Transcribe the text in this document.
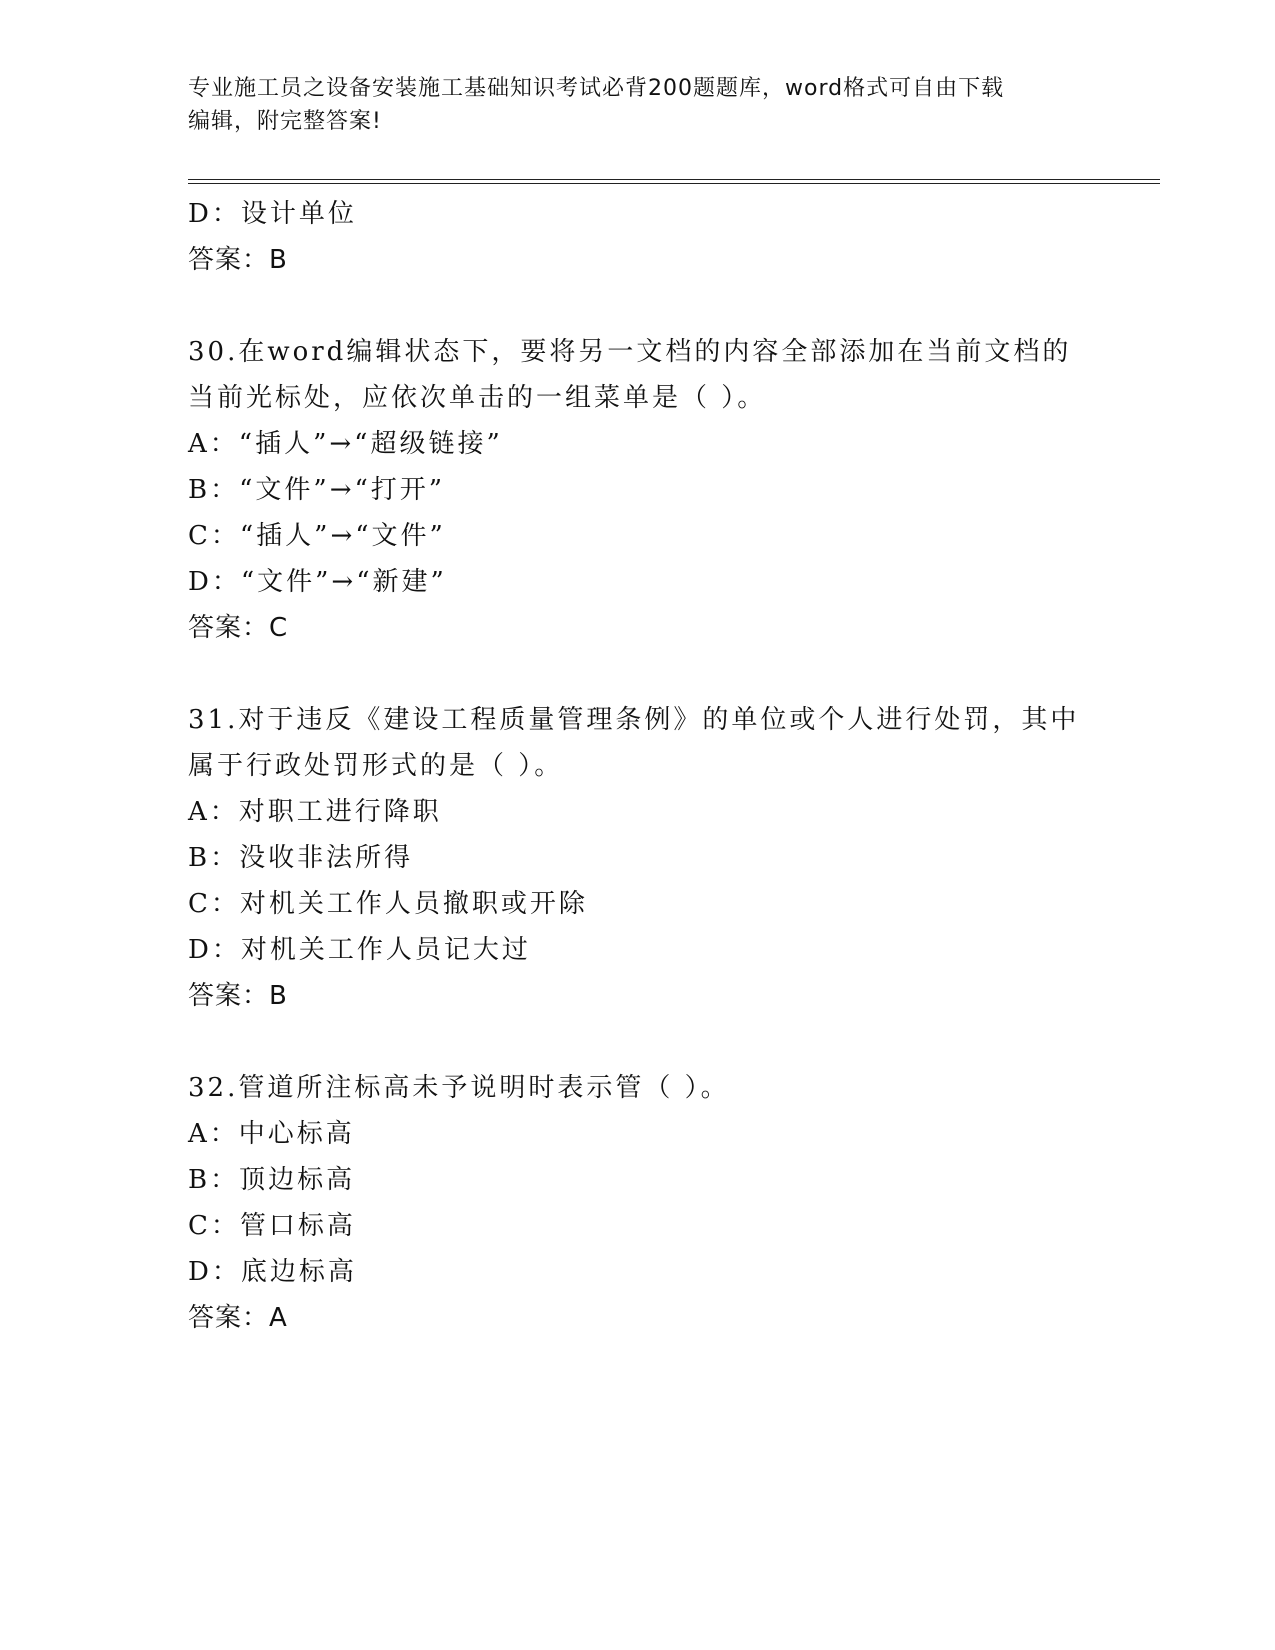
专业施工员之设备安装施工基础知识考试必背200题题库，word格式可自由下载
编辑，附完整答案!
D：设计单位
答案：B
30.在word编辑状态下，要将另一文档的内容全部添加在当前文档的
当前光标处，应依次单击的一组菜单是（ ）。
A：“插人”→“超级链接”
B：“文件”→“打开”
C：“插人”→“文件”
D：“文件”→“新建”
答案：C
31.对于违反《建设工程质量管理条例》的单位或个人进行处罚，其中
属于行政处罚形式的是（ ）。
A：对职工进行降职
B：没收非法所得
C：对机关工作人员撤职或开除
D：对机关工作人员记大过
答案：B
32.管道所注标高未予说明时表示管（ ）。
A：中心标高
B：顶边标高
C：管口标高
D：底边标高
答案：A
